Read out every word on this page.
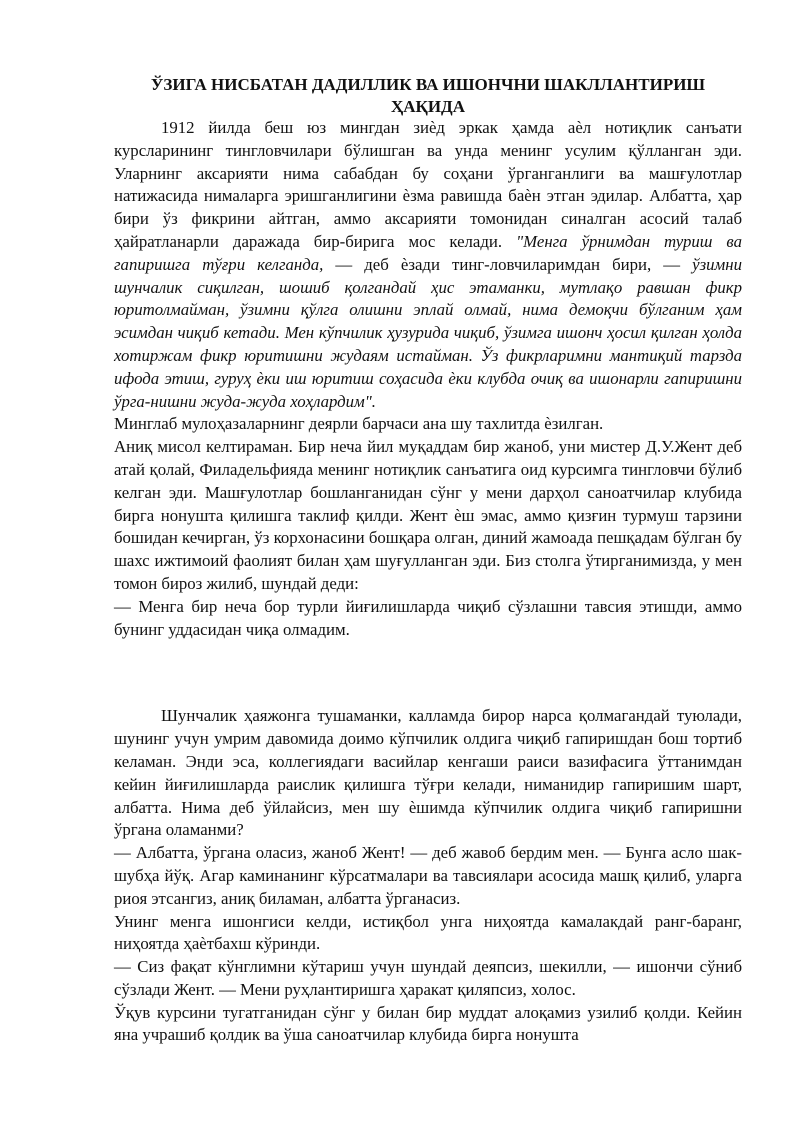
ЎЗИГА НИСБАТАН ДАДИЛЛИК ВА ИШОНЧНИ ШАКЛЛАНТИРИШ
ҲАҚИДА

1912 йилда беш юз мингдан зиѐд эркак ҳамда аѐл нотиқлик санъати курсларининг тингловчилари бўлишган ва унда менинг усулим қўлланган эди. Уларнинг аксарияти нима сабабдан бу соҳани ўрганганлиги ва машғулотлар натижасида нималарга эришганлигини ѐзма равишда баѐн этган эдилар. Албатта, ҳар бири ўз фикрини айтган, аммо аксарияти томонидан синалган асосий талаб ҳайратланарли даражада бир-бирига мос келади. "Менга ўрнимдан туриш ва гапиришга тўғри келганда, — деб ѐзади тинг-ловчиларимдан бири, — ўзимни шунчалик сиқилган, шошиб қолгандай ҳис этаманки, мутлақо равшан фикр юритолмайман, ўзимни қўлга олишни эплай олмай, нима демоқчи бўлганим ҳам эсимдан чиқиб кетади. Мен кўпчилик ҳузурида чиқиб, ўзимга ишонч ҳосил қилган ҳолда хотиржам фикр юритишни жудаям истайман. Ўз фикрларимни мантиқий тарзда ифода этиш, гуруҳ ѐки иш юритиш соҳасида ѐки клубда очиқ ва ишонарли гапиришни ўрга-нишни жуда-жуда хоҳлардим".

Минглаб мулоҳазаларнинг деярли барчаси ана шу тахлитда ѐзилган.

Аниқ мисол келтираман. Бир неча йил муқаддам бир жаноб, уни мистер Д.У.Жент деб атай қолай, Филадельфияда менинг нотиқлик санъатига оид курсимга тингловчи бўлиб келган эди. Машғулотлар бошланганидан сўнг у мени дарҳол саноатчилар клубида бирга нонушта қилишга таклиф қилди. Жент ѐш эмас, аммо қизғин турмуш тарзини бошидан кечирган, ўз корхонасини бошқара олган, диний жамоада пешқадам бўлган бу шахс ижтимоий фаолият билан ҳам шуғулланган эди. Биз столга ўтирганимизда, у мен томон бироз жилиб, шундай деди:

— Менга бир неча бор турли йиғилишларда чиқиб сўзлашни тавсия этишди, аммо бунинг уддасидан чиқа олмадим.

Шунчалик ҳаяжонга тушаманки, калламда бирор нарса қолмагандай туюлади, шунинг учун умрим давомида доимо кўпчилик олдига чиқиб гапиришдан бош тортиб келаман. Энди эса, коллегиядаги васийлар кенгаши раиси вазифасига ўттанимдан кейин йиғилишларда раислик қилишга тўғри келади, ниманидир гапиришим шарт, албатта. Нима деб ўйлайсиз, мен шу ѐшимда кўпчилик олдига чиқиб гапиришни ўргана оламанми?

— Албатта, ўргана оласиз, жаноб Жент! — деб жавоб бердим мен. — Бунга асло шак-шубҳа йўқ. Агар каминанинг кўрсатмалари ва тавсиялари асосида машқ қилиб, уларга риоя этсангиз, аниқ биламан, албатта ўрганасиз.

Унинг менга ишонгиси келди, истиқбол унга ниҳоятда камалакдай ранг-баранг, ниҳоятда ҳаѐтбахш кўринди.

— Сиз фақат кўнглимни кўтариш учун шундай деяпсиз, шекилли, — ишончи сўниб сўзлади Жент. — Мени руҳлантиришга ҳаракат қиляпсиз, холос.

Ўқув курсини тугатганидан сўнг у билан бир муддат алоқамиз узилиб қолди. Кейин яна учрашиб қолдик ва ўша саноатчилар клубида бирга нонушта
